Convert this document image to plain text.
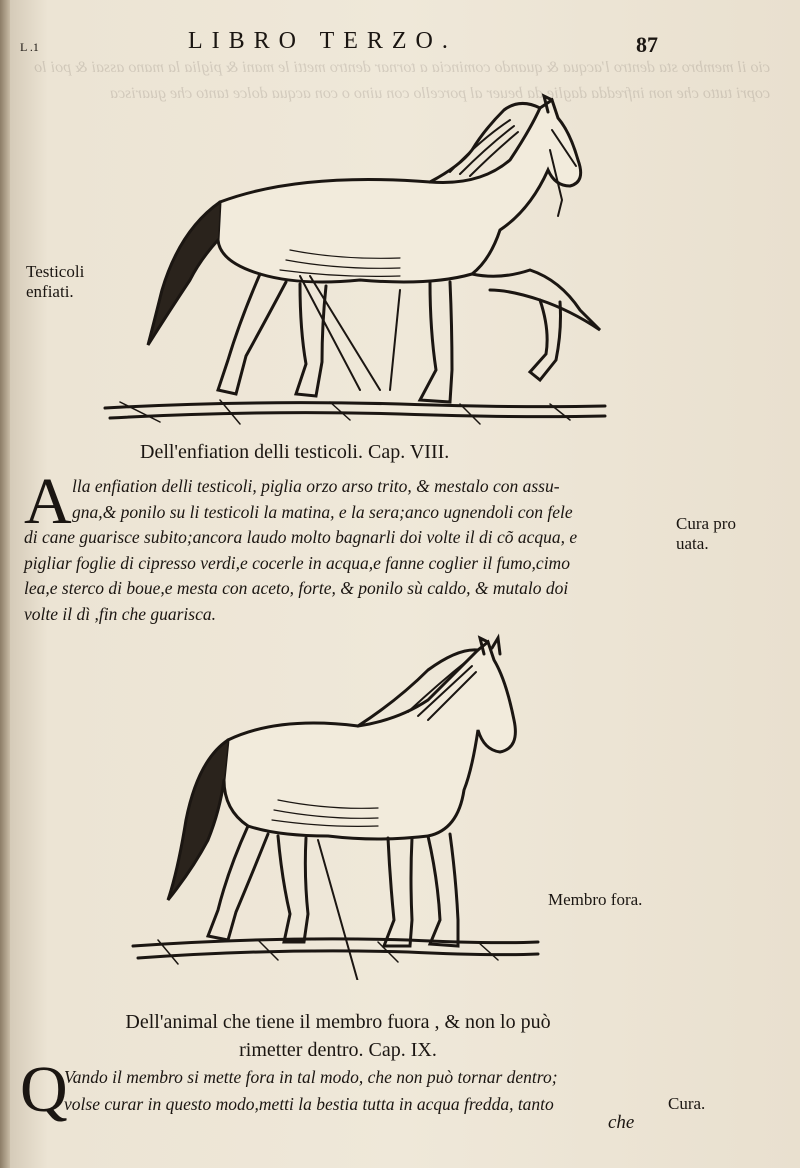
cio il membro sta dentro l'acqua & quando comincia a tornar dentro metti le mani & piglia la mano assai & poi lo copri tutto che non infredda daglie da beuer al porcello con uino o con acqua dolce tanto che guarisca
L .1	LIBRO TERZO.	87
Testicoli
enfiati.
Dell'enfiation delli testicoli. Cap. VIII.
A lla enfiation delli testicoli, piglia orzo arso trito, & mestalo con assu-
gna,& ponilo su li testicoli la matina, e la sera;anco ugnendoli con fele
di cane guarisce subito;ancora laudo molto bagnarli doi volte il di cõ acqua, e
pigliar foglie di cipresso verdi,e cocerle in acqua,e fanne coglier il fumo,cimo
lea,e sterco di boue,e mesta con aceto, forte, & ponilo sù caldo, & mutalo doi
volte il dì ,fin che guarisca.
Cura pro
uata.
Membro fora.
Dell'animal che tiene il membro fuora , & non lo può
rimetter dentro. Cap. IX.
Q
Vando il membro si mette fora in tal modo, che non può tornar dentro;
volse curar in questo modo,metti la bestia tutta in acqua fredda, tanto	Cura.
che
